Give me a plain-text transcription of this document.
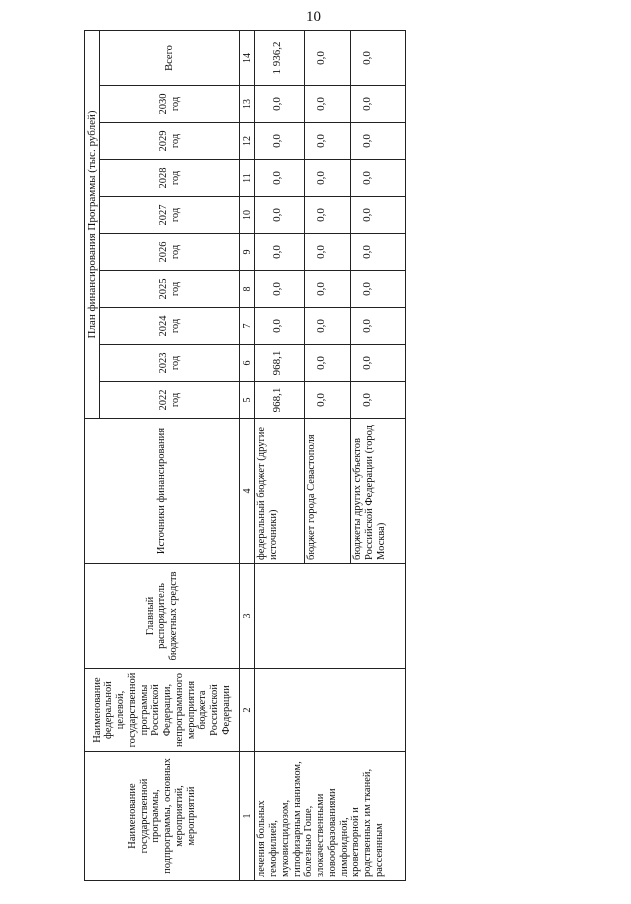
10
Наименование государственной программы, подпрограммы, основных мероприятий, мероприятий	Наименование федеральной целевой, государственной программы Российской Федерации, непрограммного мероприятия бюджета Российской Федерации	Главный распорядитель бюджетных средств	Источники финансирования	План финансирования Программы (тыс. рублей)									
				2022 год	2023 год	2024 год	2025 год	2026 год	2027 год	2028 год	2029 год	2030 год	Всего
1	2	3	4	5	6	7	8	9	10	11	12	13	14
лечения больных гемофилией, муковисцидозом, гипофизарным нанизмом, болезнью Гоше, злокачественными новообразованиями лимфоидной, кроветворной и родственных им тканей, рассеянным			федеральный бюджет (другие источники)	968,1	968,1	0,0	0,0	0,0	0,0	0,0	0,0	0,0	1 936,2
			бюджет города Севастополя	0,0	0,0	0,0	0,0	0,0	0,0	0,0	0,0	0,0	0,0
			бюджеты других субъектов Российской Федерации (город Москва)	0,0	0,0	0,0	0,0	0,0	0,0	0,0	0,0	0,0	0,0
